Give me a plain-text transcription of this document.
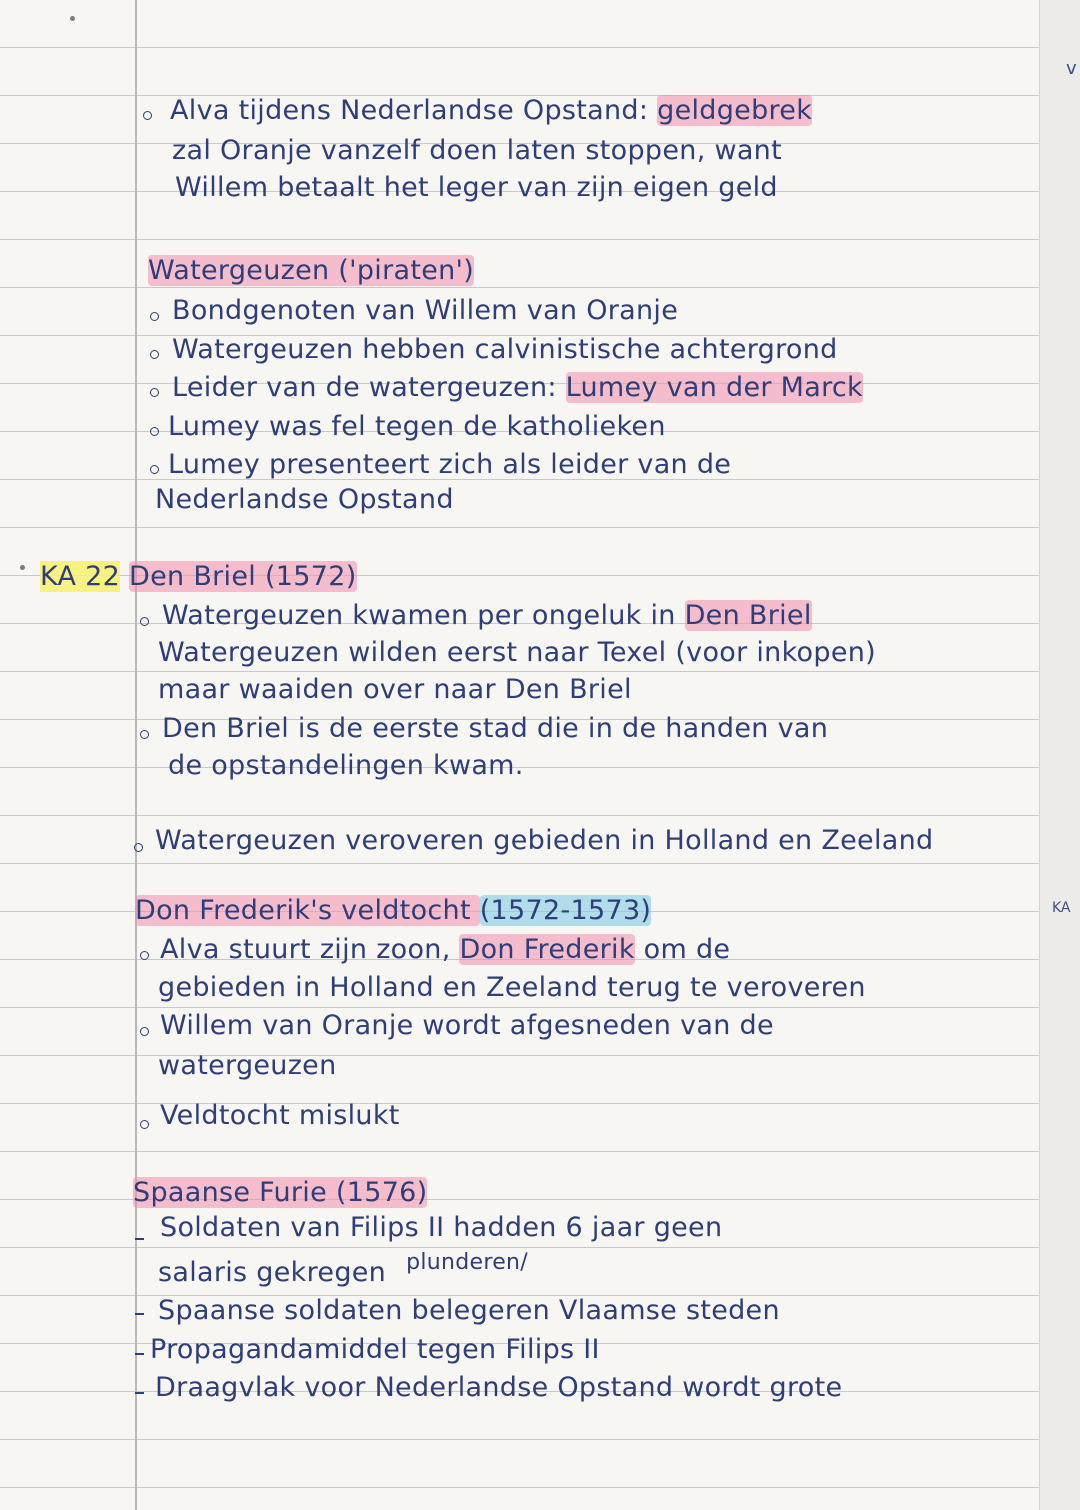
Alva tijdens Nederlandse Opstand: geldgebrek
zal Oranje vanzelf doen laten stoppen, want
Willem betaalt het leger van zijn eigen geld
Watergeuzen ('piraten')
Bondgenoten van Willem van Oranje
Watergeuzen hebben calvinistische achtergrond
Leider van de watergeuzen: Lumey van der Marck
Lumey was fel tegen de katholieken
Lumey presenteert zich als leider van de
Nederlandse Opstand
KA 22 Den Briel (1572)
Watergeuzen kwamen per ongeluk in Den Briel
Watergeuzen wilden eerst naar Texel (voor inkopen)
maar waaiden over naar Den Briel
Den Briel is de eerste stad die in de handen van
de opstandelingen kwam.
Watergeuzen veroveren gebieden in Holland en Zeeland
Don Frederik's veldtocht (1572-1573)
Alva stuurt zijn zoon, Don Frederik om de
gebieden in Holland en Zeeland terug te veroveren
Willem van Oranje wordt afgesneden van de
watergeuzen
Veldtocht mislukt
Spaanse Furie (1576)
Soldaten van Filips II hadden 6 jaar geen
salaris gekregen $^{plunderen/}$
Spaanse soldaten belegeren Vlaamse steden
Propagandamiddel tegen Filips II
Draagvlak voor Nederlandse Opstand wordt grote
v
KA
